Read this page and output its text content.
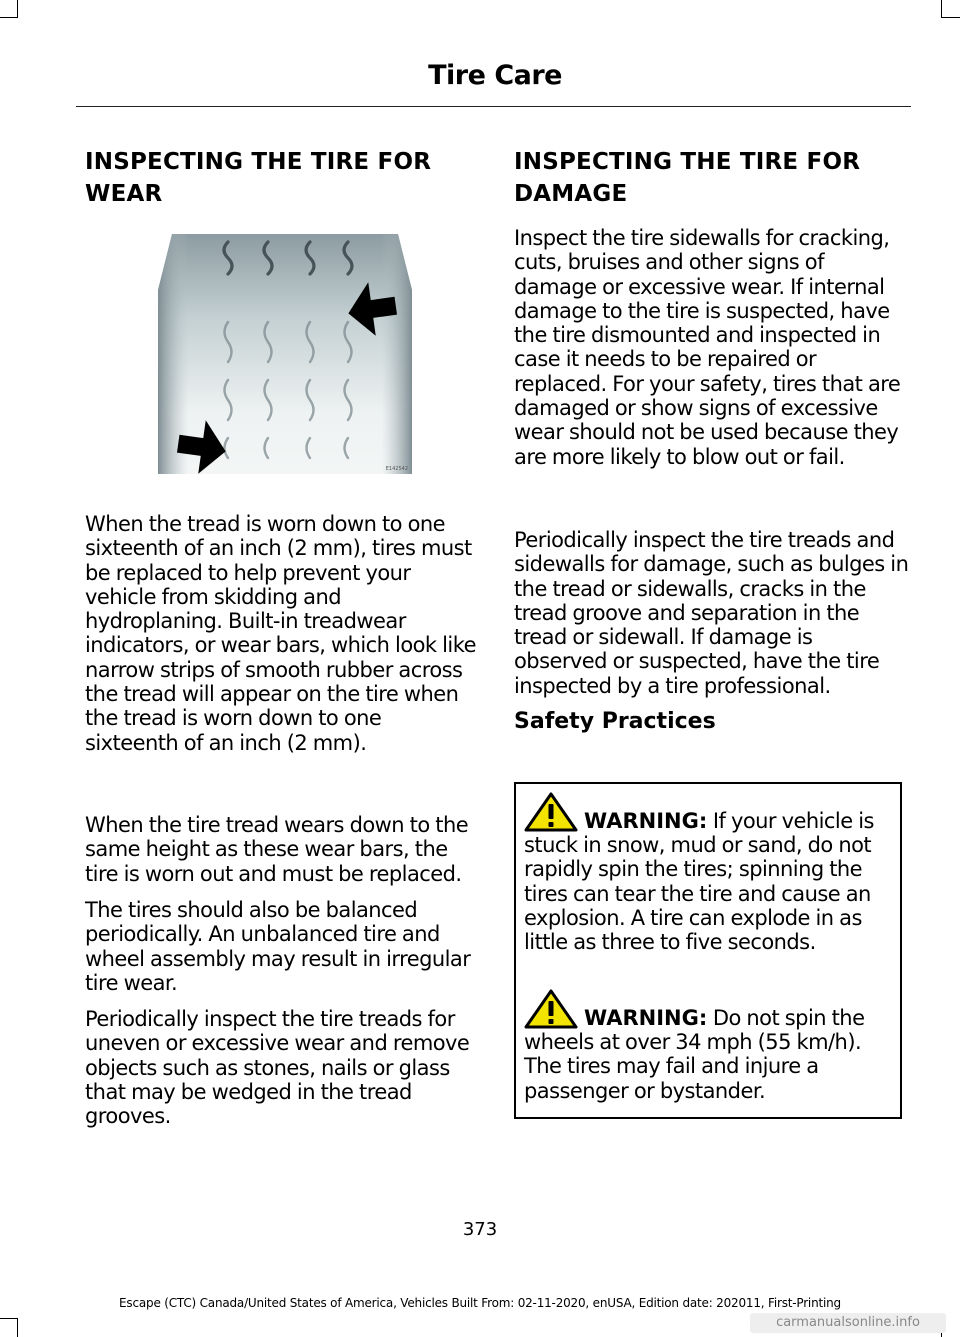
Tire Care
INSPECTING THE TIRE FOR
WEAR
E142542

When the tread is worn down to one sixteenth of an inch (2 mm), tires must be replaced to help prevent your vehicle from skidding and hydroplaning. Built-in treadwear indicators, or wear bars, which look like narrow strips of smooth rubber across the tread will appear on the tire when the tread is worn down to one sixteenth of an inch (2 mm).

When the tire tread wears down to the same height as these wear bars, the tire is worn out and must be replaced.

The tires should also be balanced periodically. An unbalanced tire and wheel assembly may result in irregular tire wear.

Periodically inspect the tire treads for uneven or excessive wear and remove objects such as stones, nails or glass that may be wedged in the tread grooves.

INSPECTING THE TIRE FOR
DAMAGE

Inspect the tire sidewalls for cracking, cuts, bruises and other signs of damage or excessive wear. If internal damage to the tire is suspected, have the tire dismounted and inspected in case it needs to be repaired or replaced. For your safety, tires that are damaged or show signs of excessive wear should not be used because they are more likely to blow out or fail.

Periodically inspect the tire treads and sidewalls for damage, such as bulges in the tread or sidewalls, cracks in the tread groove and separation in the tread or sidewall. If damage is observed or suspected, have the tire inspected by a tire professional.

Safety Practices

WARNING: If your vehicle is stuck in snow, mud or sand, do not rapidly spin the tires; spinning the tires can tear the tire and cause an explosion. A tire can explode in as little as three to five seconds.

WARNING: Do not spin the wheels at over 34 mph (55 km/h). The tires may fail and injure a passenger or bystander.

373
Escape (CTC) Canada/United States of America, Vehicles Built From: 02-11-2020, enUSA, Edition date: 202011, First-Printing
carmanualsonline.info
